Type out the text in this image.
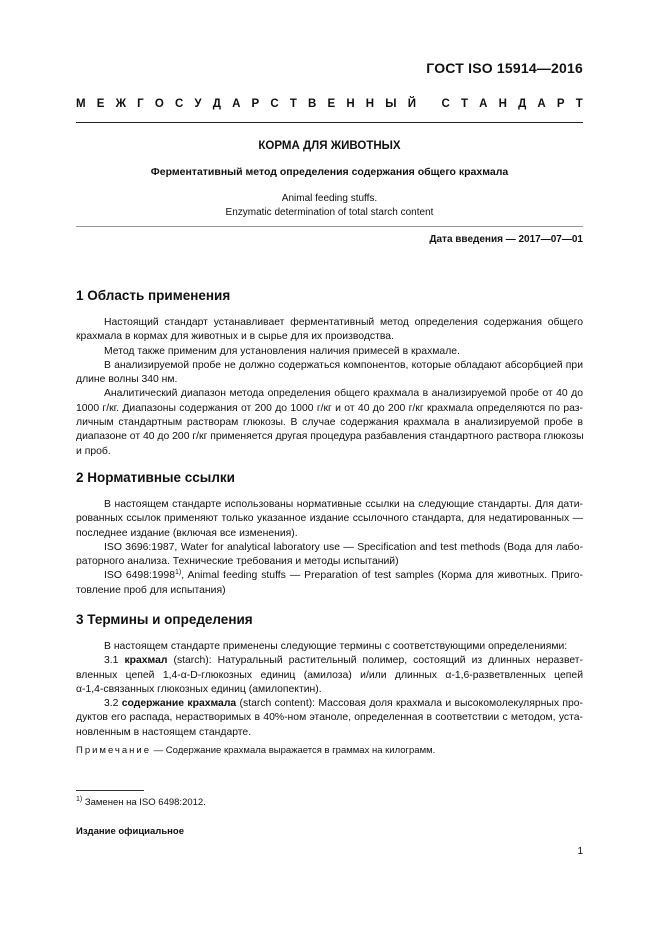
ГОСТ ISO 15914—2016
М Е Ж Г О С У Д А Р С Т В Е Н Н Ы Й
С Т А Н Д А Р Т
КОРМА ДЛЯ ЖИВОТНЫХ
Ферментативный метод определения содержания общего крахмала
Animal feeding stuffs.
Enzymatic determination of total starch content
Дата введения — 2017—07—01
1 Область применения
Настоящий стандарт устанавливает ферментативный метод определения содержания общего
крахмала в кормах для животных и в сырье для их производства.
Метод также применим для установления наличия примесей в крахмале.
В анализируемой пробе не должно содержаться компонентов, которые обладают абсорбцией при
длине волны 340 нм.
Аналитический диапазон метода определения общего крахмала в анализируемой пробе от 40 до
1000 г/кг. Диапазоны содержания от 200 до 1000 г/кг и от 40 до 200 г/кг крахмала определяются по раз-
личным стандартным растворам глюкозы. В случае содержания крахмала в анализируемой пробе в
диапазоне от 40 до 200 г/кг применяется другая процедура разбавления стандартного раствора глюкозы
и проб.
2 Нормативные ссылки
В настоящем стандарте использованы нормативные ссылки на следующие стандарты. Для дати-
рованных ссылок применяют только указанное издание ссылочного стандарта, для недатированных —
последнее издание (включая все изменения).
ISO 3696:1987, Water for analytical laboratory use — Specification and test methods (Вода для лабо-
раторного анализа. Технические требования и методы испытаний)
ISO 6498:1998$^{1)}$, Animal feeding stuffs — Preparation of test samples (Корма для животных. Приго-
товление проб для испытания)
3 Термины и определения
В настоящем стандарте применены следующие термины с соответствующими определениями:
3.1 крахмал (starch): Натуральный растительный полимер, состоящий из длинных неразвет-
вленных цепей 1,4-α-D-глюкозных единиц (амилоза) и/или длинных α-1,6-разветвленных цепей
α-1,4-связанных глюкозных единиц (амилопектин).
3.2 содержание крахмала (starch content): Массовая доля крахмала и высокомолекулярных про-
дуктов его распада, нерастворимых в 40%-ном этаноле, определенная в соответствии с методом, уста-
новленным в настоящем стандарте.
Примечание — Содержание крахмала выражается в граммах на килограмм.
$^{1)}$ Заменен на ISO 6498:2012.
Издание официальное
1
